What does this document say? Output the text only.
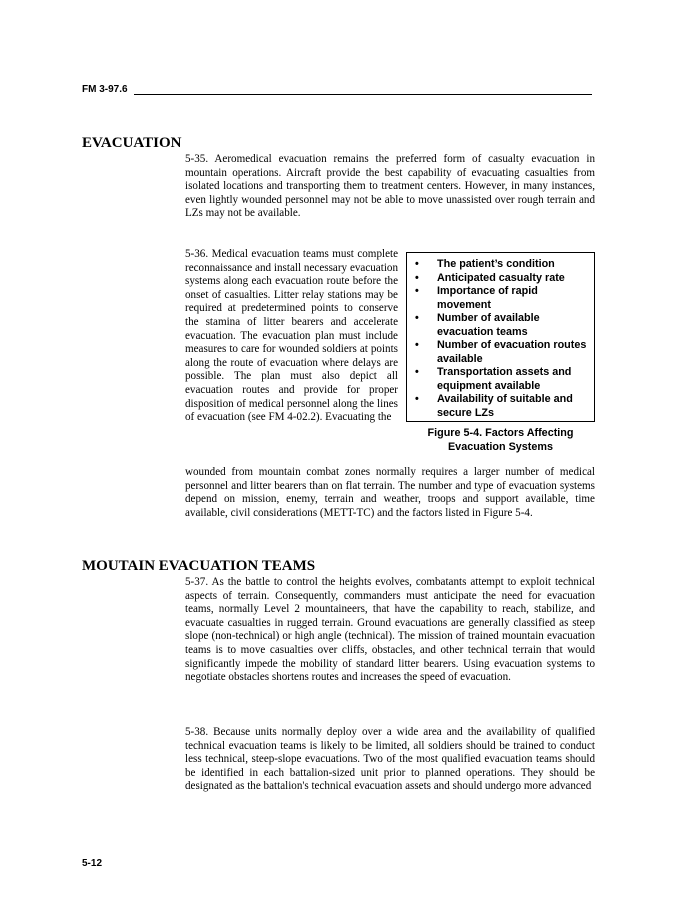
FM 3-97.6
EVACUATION

5-35. Aeromedical evacuation remains the preferred form of casualty evacuation in mountain operations. Aircraft provide the best capability of evacuating casualties from isolated locations and transporting them to treatment centers. However, in many instances, even lightly wounded personnel may not be able to move unassisted over rough terrain and LZs may not be available.

5-36. Medical evacuation teams must complete reconnaissance and install necessary evacuation systems along each evacuation route before the onset of casualties. Litter relay stations may be required at predetermined points to conserve the stamina of litter bearers and accelerate evacuation. The evacuation plan must include measures to care for wounded soldiers at points along the route of evacuation where delays are possible. The plan must also depict all evacuation routes and provide for proper disposition of medical personnel along the lines of evacuation (see FM 4-02.2). Evacuating the

• The patient’s condition
• Anticipated casualty rate
• Importance of rapid movement
• Number of available evacuation teams
• Number of evacuation routes available
• Transportation assets and equipment available
• Availability of suitable and secure LZs

Figure 5-4. Factors Affecting
Evacuation Systems

wounded from mountain combat zones normally requires a larger number of medical personnel and litter bearers than on flat terrain. The number and type of evacuation systems depend on mission, enemy, terrain and weather, troops and support available, time available, civil considerations (METT-TC) and the factors listed in Figure 5-4.

MOUTAIN EVACUATION TEAMS

5-37. As the battle to control the heights evolves, combatants attempt to exploit technical aspects of terrain. Consequently, commanders must anticipate the need for evacuation teams, normally Level 2 mountaineers, that have the capability to reach, stabilize, and evacuate casualties in rugged terrain. Ground evacuations are generally classified as steep slope (non-technical) or high angle (technical). The mission of trained mountain evacuation teams is to move casualties over cliffs, obstacles, and other technical terrain that would significantly impede the mobility of standard litter bearers. Using evacuation systems to negotiate obstacles shortens routes and increases the speed of evacuation.

5-38. Because units normally deploy over a wide area and the availability of qualified technical evacuation teams is likely to be limited, all soldiers should be trained to conduct less technical, steep-slope evacuations. Two of the most qualified evacuation teams should be identified in each battalion-sized unit prior to planned operations. They should be designated as the battalion's technical evacuation assets and should undergo more advanced

5-12
